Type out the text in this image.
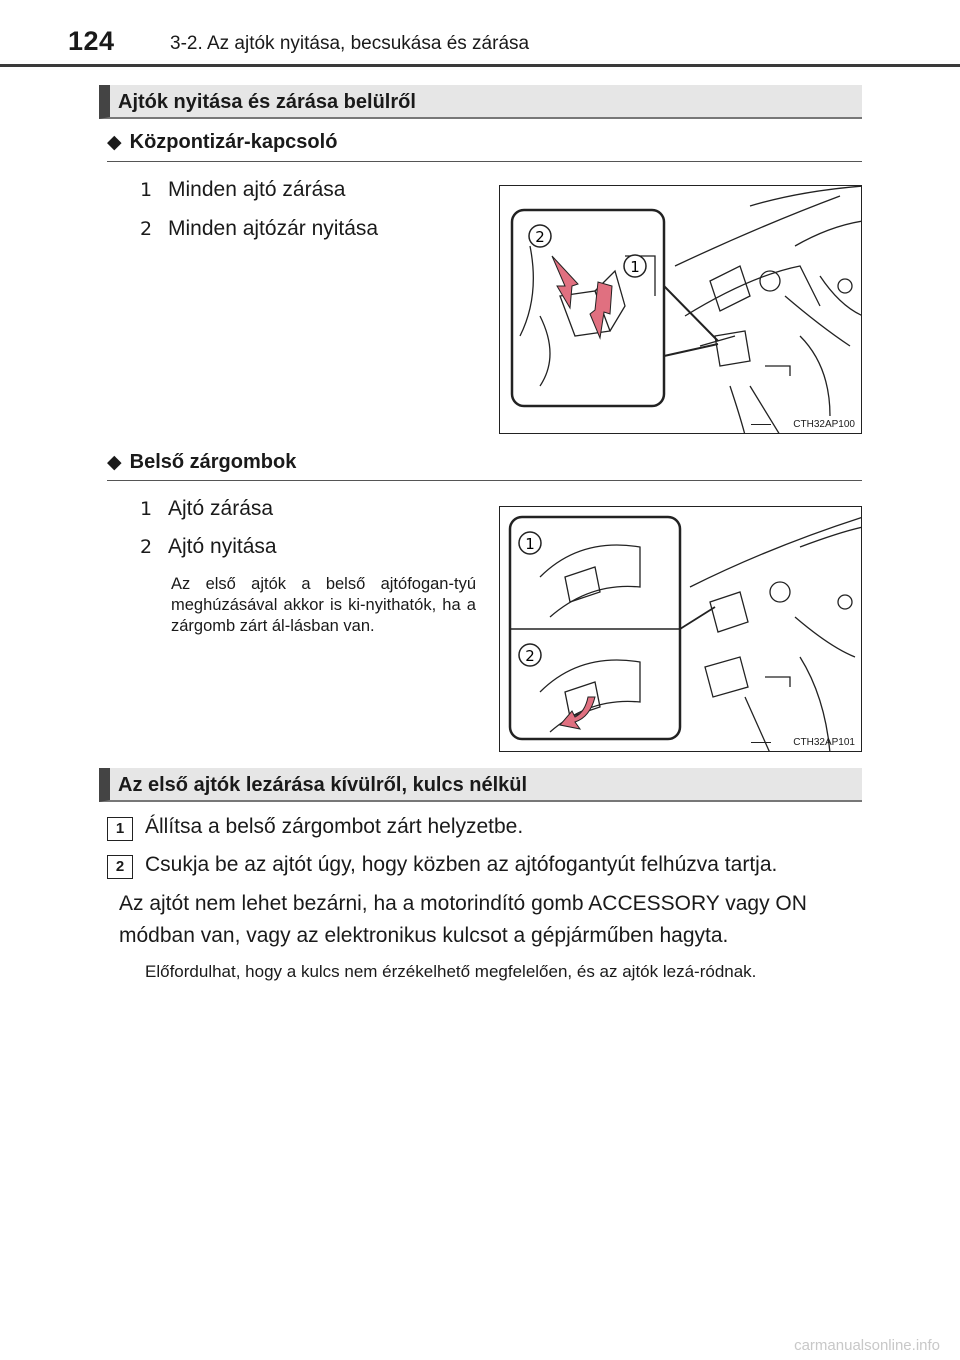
124	3-2. Az ajtók nyitása, becsukása és zárása
Ajtók nyitása és zárása belülről
◆ Központizár-kapcsoló
1 Minden ajtó zárása
2 Minden ajtózár nyitása	2
1
CTH32AP100
◆ Belső zárgombok
1 Ajtó zárása
2 Ajtó nyitása
Az első ajtók a belső ajtófogan-tyú meghúzásával akkor is ki-nyithatók, ha a zárgomb zárt ál-lásban van.
1
2
CTH32AP101
Az első ajtók lezárása kívülről, kulcs nélkül
1 Állítsa a belső zárgombot zárt helyzetbe.
2 Csukja be az ajtót úgy, hogy közben az ajtófogantyút felhúzva tartja.
Az ajtót nem lehet bezárni, ha a motorindító gomb ACCESSORY vagy ON módban van, vagy az elektronikus kulcsot a gépjárműben hagyta.
Előfordulhat, hogy a kulcs nem érzékelhető megfelelően, és az ajtók lezá-ródnak.
carmanualsonline.info
